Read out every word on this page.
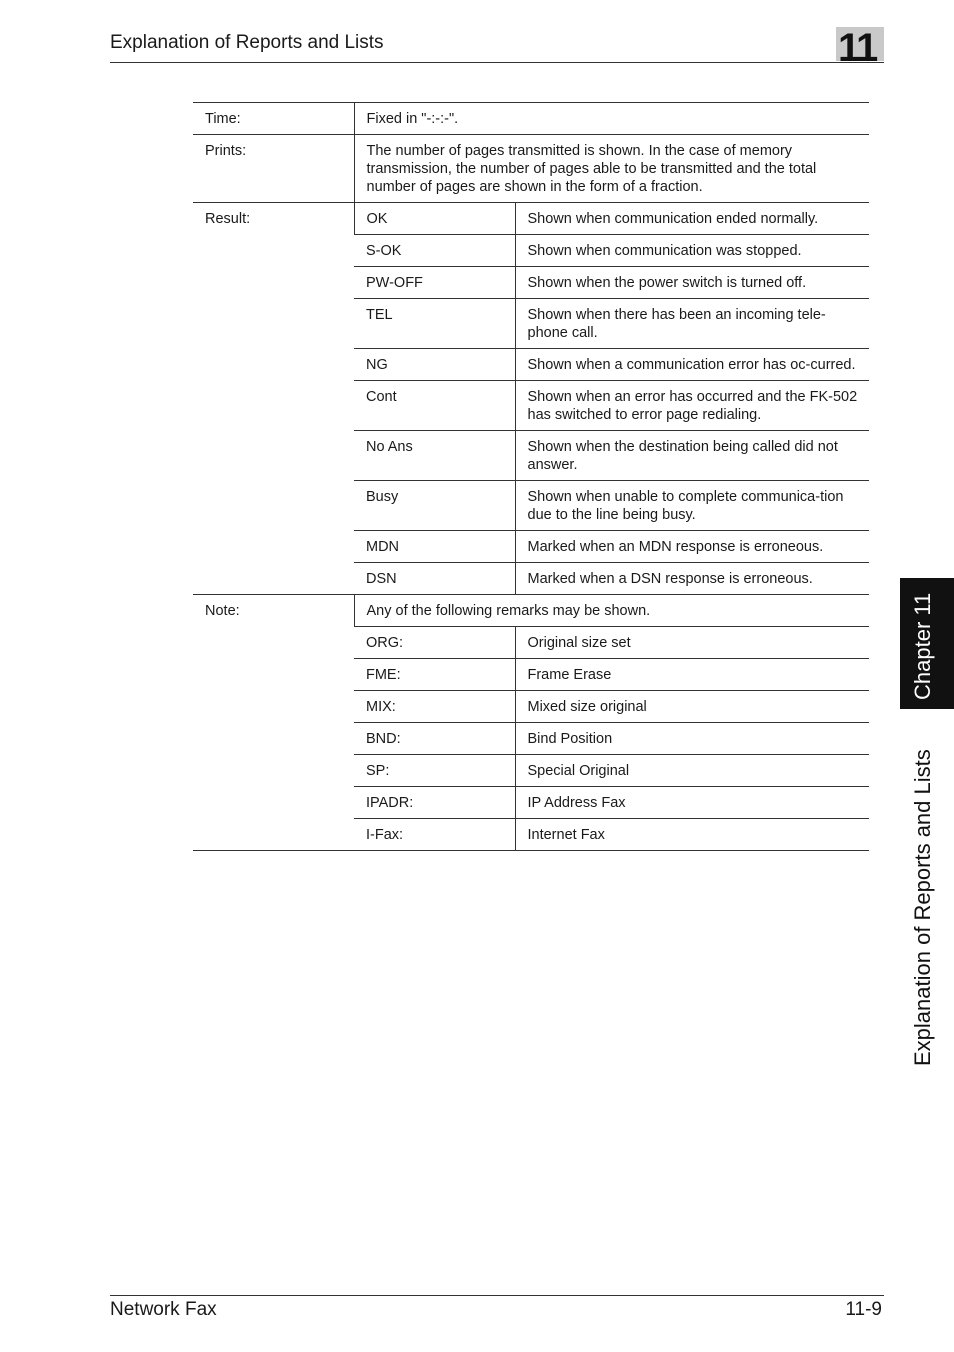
Explanation of Reports and Lists	11
Chapter 11
Explanation of Reports and Lists
Time:	Fixed in "-:-:-".	
Prints:	The number of pages transmitted is shown. In the case of memory transmission, the number of pages able to be transmitted and the total number of pages are shown in the form of a fraction.	
Result:	OK	Shown when communication ended normally.
	S-OK	Shown when communication was stopped.
	PW-OFF	Shown when the power switch is turned off.
	TEL	Shown when there has been an incoming tele-phone call.
	NG	Shown when a communication error has oc-curred.
	Cont	Shown when an error has occurred and the FK-502 has switched to error page redialing.
	No Ans	Shown when the destination being called did not answer.
	Busy	Shown when unable to complete communica-tion due to the line being busy.
	MDN	Marked when an MDN response is erroneous.
	DSN	Marked when a DSN response is erroneous.
Note:	Any of the following remarks may be shown.	
	ORG:	Original size set
	FME:	Frame Erase
	MIX:	Mixed size original
	BND:	Bind Position
	SP:	Special Original
	IPADR:	IP Address Fax
	I-Fax:	Internet Fax
Network Fax	11-9
